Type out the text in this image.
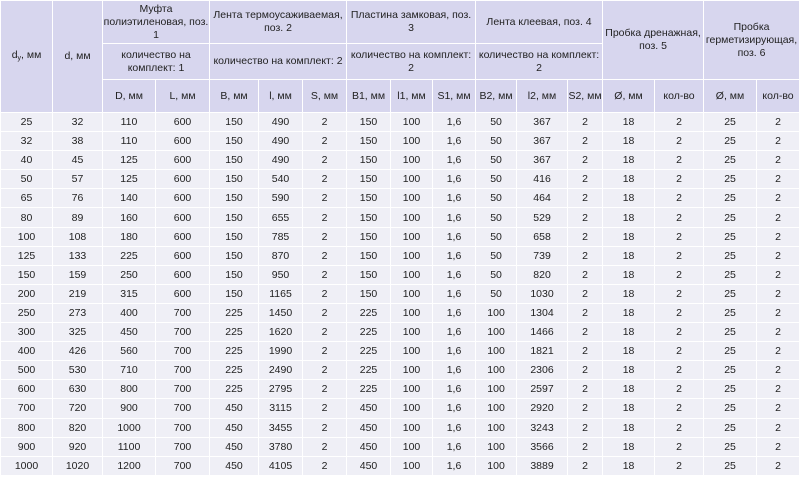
$d_у$, мм	d, мм	Муфта полиэтиленовая, поз. 1		Лента термоусаживаемая, поз. 2			Пластина замковая, поз. 3			Лента клеевая, поз. 4			Пробка дренажная, поз. 5		Пробка герметизирующая, поз. 6	
		количество на комплект: 1		количество на комплект: 2			количество на комплект: 2			количество на комплект: 2						
		D, мм	L, мм	B, мм	l, мм	S, мм	B1, мм	l1, мм	S1, мм	B2, мм	l2, мм	S2, мм	Ø, мм	кол-во	Ø, мм	кол-во
25	32	110	600	150	490	2	150	100	1,6	50	367	2	18	2	25	2
32	38	110	600	150	490	2	150	100	1,6	50	367	2	18	2	25	2
40	45	125	600	150	490	2	150	100	1,6	50	367	2	18	2	25	2
50	57	125	600	150	540	2	150	100	1,6	50	416	2	18	2	25	2
65	76	140	600	150	590	2	150	100	1,6	50	464	2	18	2	25	2
80	89	160	600	150	655	2	150	100	1,6	50	529	2	18	2	25	2
100	108	180	600	150	785	2	150	100	1,6	50	658	2	18	2	25	2
125	133	225	600	150	870	2	150	100	1,6	50	739	2	18	2	25	2
150	159	250	600	150	950	2	150	100	1,6	50	820	2	18	2	25	2
200	219	315	600	150	1165	2	150	100	1,6	50	1030	2	18	2	25	2
250	273	400	700	225	1450	2	225	100	1,6	100	1304	2	18	2	25	2
300	325	450	700	225	1620	2	225	100	1,6	100	1466	2	18	2	25	2
400	426	560	700	225	1990	2	225	100	1,6	100	1821	2	18	2	25	2
500	530	710	700	225	2490	2	225	100	1,6	100	2306	2	18	2	25	2
600	630	800	700	225	2795	2	225	100	1,6	100	2597	2	18	2	25	2
700	720	900	700	450	3115	2	450	100	1,6	100	2920	2	18	2	25	2
800	820	1000	700	450	3455	2	450	100	1,6	100	3243	2	18	2	25	2
900	920	1100	700	450	3780	2	450	100	1,6	100	3566	2	18	2	25	2
1000	1020	1200	700	450	4105	2	450	100	1,6	100	3889	2	18	2	25	2
